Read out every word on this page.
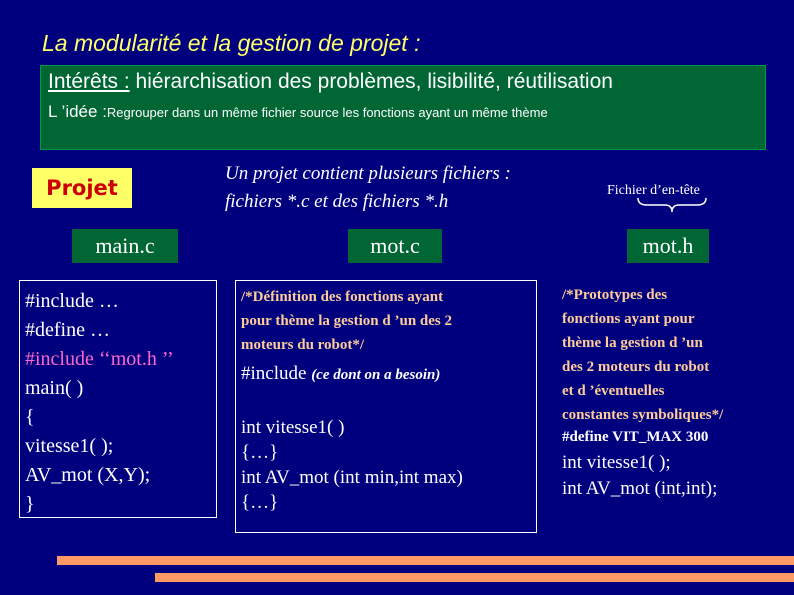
La modularité et la gestion de projet :
Intérêts : hiérarchisation des problèmes, lisibilité, réutilisation
L ’idée :Regrouper dans un même fichier source les fonctions ayant un même thème
Projet
Un projet contient plusieurs fichiers :
fichiers *.c et des fichiers *.h
Fichier d’en-tête
main.c	mot.c	mot.h
#include …
#define …
#include ‘‘mot.h ’’
main( )
{
vitesse1( );
AV_mot (X,Y);
}
/*Définition des fonctions ayant
pour thème la gestion d ’un des 2
moteurs du robot*/
#include (ce dont on a besoin)
int vitesse1( )
{…}
int AV_mot (int min,int max)
{…}
/*Prototypes des
fonctions ayant pour
thème la gestion d ’un
des 2 moteurs du robot
et d ’éventuelles
constantes symboliques*/
#define VIT_MAX 300
int vitesse1( );
int AV_mot (int,int);
